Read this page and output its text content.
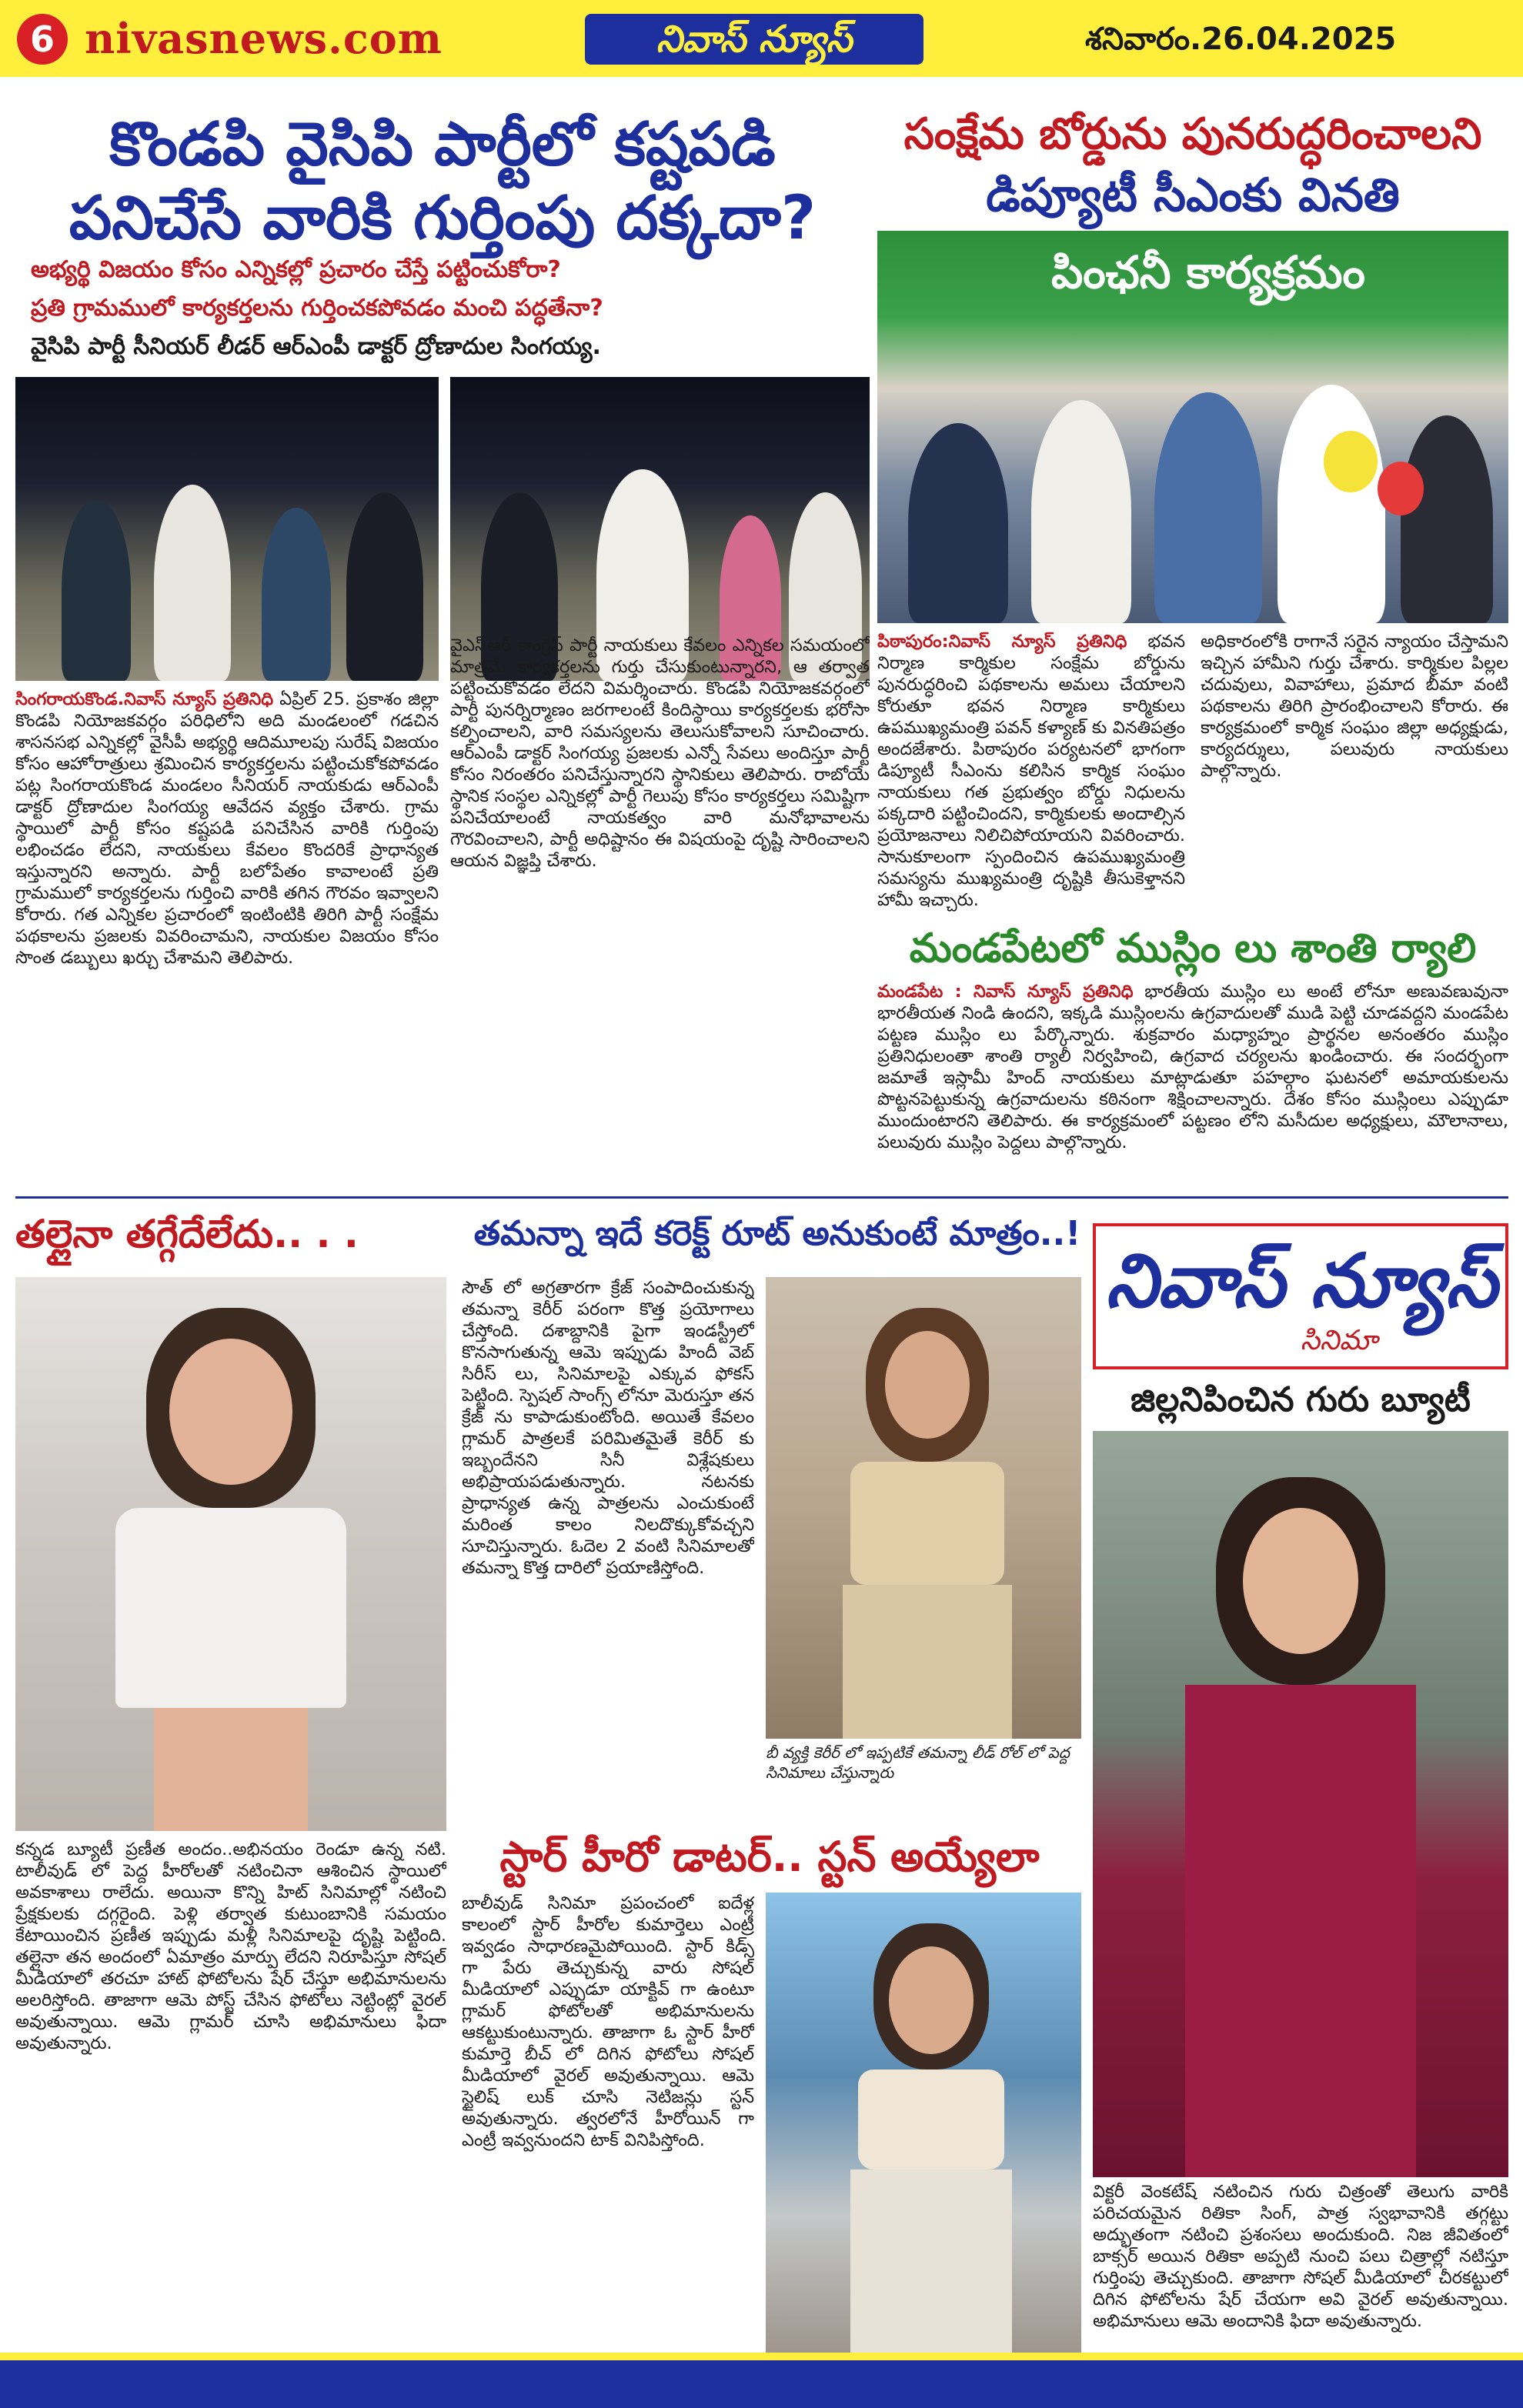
6 nivasnews.com	నివాస్ న్యూస్	శనివారం.26.04.2025
కొండపి వైసిపి పార్టీలో కష్టపడి పనిచేసే వారికి గుర్తింపు దక్కదా?
అభ్యర్థి విజయం కోసం ఎన్నికల్లో ప్రచారం చేస్తే పట్టించుకోరా?
ప్రతి గ్రామములో కార్యకర్తలను గుర్తించకపోవడం మంచి పద్ధతేనా?
వైసిపి పార్టీ సీనియర్ లీడర్ ఆర్ఎంపీ డాక్టర్ ద్రోణాదుల సింగయ్య.
సింగరాయకొండ.నివాస్ న్యూస్ ప్రతినిధి ఏప్రిల్ 25. ప్రకాశం జిల్లా కొండపి నియోజకవర్గం పరిధిలోని అది మండలంలో గడచిన శాసనసభ ఎన్నికల్లో వైసీపీ అభ్యర్థి ఆదిమూలపు సురేష్ విజయం కోసం ఆహోరాత్రులు శ్రమించిన కార్యకర్తలను పట్టించుకోకపోవడం పట్ల సింగరాయకొండ మండలం సీనియర్ నాయకుడు ఆర్ఎంపీ డాక్టర్ ద్రోణాదుల సింగయ్య ఆవేదన వ్యక్తం చేశారు. గ్రామ స్థాయిలో పార్టీ కోసం కష్టపడి పనిచేసిన వారికి గుర్తింపు లభించడం లేదని, నాయకులు కేవలం కొందరికే ప్రాధాన్యత ఇస్తున్నారని అన్నారు. పార్టీ బలోపేతం కావాలంటే ప్రతి గ్రామములో కార్యకర్తలను గుర్తించి వారికి తగిన గౌరవం ఇవ్వాలని కోరారు. గత ఎన్నికల ప్రచారంలో ఇంటింటికి తిరిగి పార్టీ సంక్షేమ పథకాలను ప్రజలకు వివరించామని, నాయకుల విజయం కోసం సొంత డబ్బులు ఖర్చు చేశామని తెలిపారు.
వైఎస్ఆర్ కాంగ్రెస్ పార్టీ నాయకులు కేవలం ఎన్నికల సమయంలో మాత్రమే కార్యకర్తలను గుర్తు చేసుకుంటున్నారని, ఆ తర్వాత పట్టించుకోవడం లేదని విమర్శించారు. కొండపి నియోజకవర్గంలో పార్టీ పునర్నిర్మాణం జరగాలంటే కిందిస్థాయి కార్యకర్తలకు భరోసా కల్పించాలని, వారి సమస్యలను తెలుసుకోవాలని సూచించారు. ఆర్ఎంపీ డాక్టర్ సింగయ్య ప్రజలకు ఎన్నో సేవలు అందిస్తూ పార్టీ కోసం నిరంతరం పనిచేస్తున్నారని స్థానికులు తెలిపారు. రాబోయే స్థానిక సంస్థల ఎన్నికల్లో పార్టీ గెలుపు కోసం కార్యకర్తలు సమిష్టిగా పనిచేయాలంటే నాయకత్వం వారి మనోభావాలను గౌరవించాలని, పార్టీ అధిష్టానం ఈ విషయంపై దృష్టి సారించాలని ఆయన విజ్ఞప్తి చేశారు.
సంక్షేమ బోర్డును పునరుద్ధరించాలని
డిప్యూటీ సీఎంకు వినతి
పింఛనీ కార్యక్రమం
పిఠాపురం:నివాస్ న్యూస్ ప్రతినిధి భవన నిర్మాణ కార్మికుల సంక్షేమ బోర్డును పునరుద్ధరించి పథకాలను అమలు చేయాలని కోరుతూ భవన నిర్మాణ కార్మికులు ఉపముఖ్యమంత్రి పవన్ కళ్యాణ్ కు వినతిపత్రం అందజేశారు. పిఠాపురం పర్యటనలో భాగంగా డిప్యూటీ సీఎంను కలిసిన కార్మిక సంఘం నాయకులు గత ప్రభుత్వం బోర్డు నిధులను పక్కదారి పట్టించిందని, కార్మికులకు అందాల్సిన ప్రయోజనాలు నిలిచిపోయాయని వివరించారు. సానుకూలంగా స్పందించిన ఉపముఖ్యమంత్రి సమస్యను ముఖ్యమంత్రి దృష్టికి తీసుకెళ్తానని హామీ ఇచ్చారు.
అధికారంలోకి రాగానే సరైన న్యాయం చేస్తామని ఇచ్చిన హామీని గుర్తు చేశారు. కార్మికుల పిల్లల చదువులు, వివాహాలు, ప్రమాద బీమా వంటి పథకాలను తిరిగి ప్రారంభించాలని కోరారు. ఈ కార్యక్రమంలో కార్మిక సంఘం జిల్లా అధ్యక్షుడు, కార్యదర్శులు, పలువురు నాయకులు పాల్గొన్నారు.
మండపేటలో ముస్లిం లు శాంతి ర్యాలి
మండపేట : నివాస్ న్యూస్ ప్రతినిధి భారతీయ ముస్లిం లు అంటే లోనూ అణువణువునా భారతీయత నిండి ఉందని, ఇక్కడి ముస్లింలను ఉగ్రవాదులతో ముడి పెట్టి చూడవద్దని మండపేట పట్టణ ముస్లిం లు పేర్కొన్నారు. శుక్రవారం మధ్యాహ్నం ప్రార్థనల అనంతరం ముస్లిం ప్రతినిధులంతా శాంతి ర్యాలీ నిర్వహించి, ఉగ్రవాద చర్యలను ఖండించారు. ఈ సందర్భంగా జమాతే ఇస్లామీ హింద్ నాయకులు మాట్లాడుతూ పహల్గాం ఘటనలో అమాయకులను పొట్టనపెట్టుకున్న ఉగ్రవాదులను కఠినంగా శిక్షించాలన్నారు. దేశం కోసం ముస్లింలు ఎప్పుడూ ముందుంటారని తెలిపారు. ఈ కార్యక్రమంలో పట్టణం లోని మసీదుల అధ్యక్షులు, మౌలానాలు, పలువురు ముస్లిం పెద్దలు పాల్గొన్నారు.
తల్లైనా తగ్గేదేలేదు.. . .	తమన్నా ఇదే కరెక్ట్ రూట్ అనుకుంటే మాత్రం..!
కన్నడ బ్యూటీ ప్రణీత అందం..అభినయం రెండూ ఉన్న నటి. టాలీవుడ్ లో పెద్ద హీరోలతో నటించినా ఆశించిన స్థాయిలో అవకాశాలు రాలేదు. అయినా కొన్ని హిట్ సినిమాల్లో నటించి ప్రేక్షకులకు దగ్గరైంది. పెళ్లి తర్వాత కుటుంబానికి సమయం కేటాయించిన ప్రణీత ఇప్పుడు మళ్లీ సినిమాలపై దృష్టి పెట్టింది. తల్లైనా తన అందంలో ఏమాత్రం మార్పు లేదని నిరూపిస్తూ సోషల్ మీడియాలో తరచూ హాట్ ఫోటోలను షేర్ చేస్తూ అభిమానులను అలరిస్తోంది. తాజాగా ఆమె పోస్ట్ చేసిన ఫోటోలు నెట్టింట్లో వైరల్ అవుతున్నాయి. ఆమె గ్లామర్ చూసి అభిమానులు ఫిదా అవుతున్నారు.
సౌత్ లో అగ్రతారగా క్రేజ్ సంపాదించుకున్న తమన్నా కెరీర్ పరంగా కొత్త ప్రయోగాలు చేస్తోంది. దశాబ్దానికి పైగా ఇండస్ట్రీలో కొనసాగుతున్న ఆమె ఇప్పుడు హిందీ వెబ్ సిరీస్ లు, సినిమాలపై ఎక్కువ ఫోకస్ పెట్టింది. స్పెషల్ సాంగ్స్ లోనూ మెరుస్తూ తన క్రేజ్ ను కాపాడుకుంటోంది. అయితే కేవలం గ్లామర్ పాత్రలకే పరిమితమైతే కెరీర్ కు ఇబ్బందేనని సినీ విశ్లేషకులు అభిప్రాయపడుతున్నారు. నటనకు ప్రాధాన్యత ఉన్న పాత్రలను ఎంచుకుంటే మరింత కాలం నిలదొక్కుకోవచ్చని సూచిస్తున్నారు. ఓదెల 2 వంటి సినిమాలతో తమన్నా కొత్త దారిలో ప్రయాణిస్తోంది.
బీ వ్యక్తి కెరీర్ లో ఇప్పటికే తమన్నా లీడ్ రోల్ లో పెద్ద సినిమాలు చేస్తున్నారు
నివాస్ న్యూస్
సినిమా
జిల్లనిపించిన గురు బ్యూటీ
విక్టరీ వెంకటేష్ నటించిన గురు చిత్రంతో తెలుగు వారికి పరిచయమైన రితికా సింగ్, పాత్ర స్వభావానికి తగ్గట్టు అద్భుతంగా నటించి ప్రశంసలు అందుకుంది. నిజ జీవితంలో బాక్సర్ అయిన రితికా అప్పటి నుంచి పలు చిత్రాల్లో నటిస్తూ గుర్తింపు తెచ్చుకుంది. తాజాగా సోషల్ మీడియాలో చీరకట్టులో దిగిన ఫోటోలను షేర్ చేయగా అవి వైరల్ అవుతున్నాయి. అభిమానులు ఆమె అందానికి ఫిదా అవుతున్నారు.
స్టార్ హీరో డాటర్.. స్టన్ అయ్యేలా
బాలీవుడ్ సినిమా ప్రపంచంలో ఐదేళ్ల కాలంలో స్టార్ హీరోల కుమార్తెలు ఎంట్రీ ఇవ్వడం సాధారణమైపోయింది. స్టార్ కిడ్స్ గా పేరు తెచ్చుకున్న వారు సోషల్ మీడియాలో ఎప్పుడూ యాక్టివ్ గా ఉంటూ గ్లామర్ ఫోటోలతో అభిమానులను ఆకట్టుకుంటున్నారు. తాజాగా ఓ స్టార్ హీరో కుమార్తె బీచ్ లో దిగిన ఫోటోలు సోషల్ మీడియాలో వైరల్ అవుతున్నాయి. ఆమె స్టైలిష్ లుక్ చూసి నెటిజన్లు స్టన్ అవుతున్నారు. త్వరలోనే హీరోయిన్ గా ఎంట్రీ ఇవ్వనుందని టాక్ వినిపిస్తోంది.
